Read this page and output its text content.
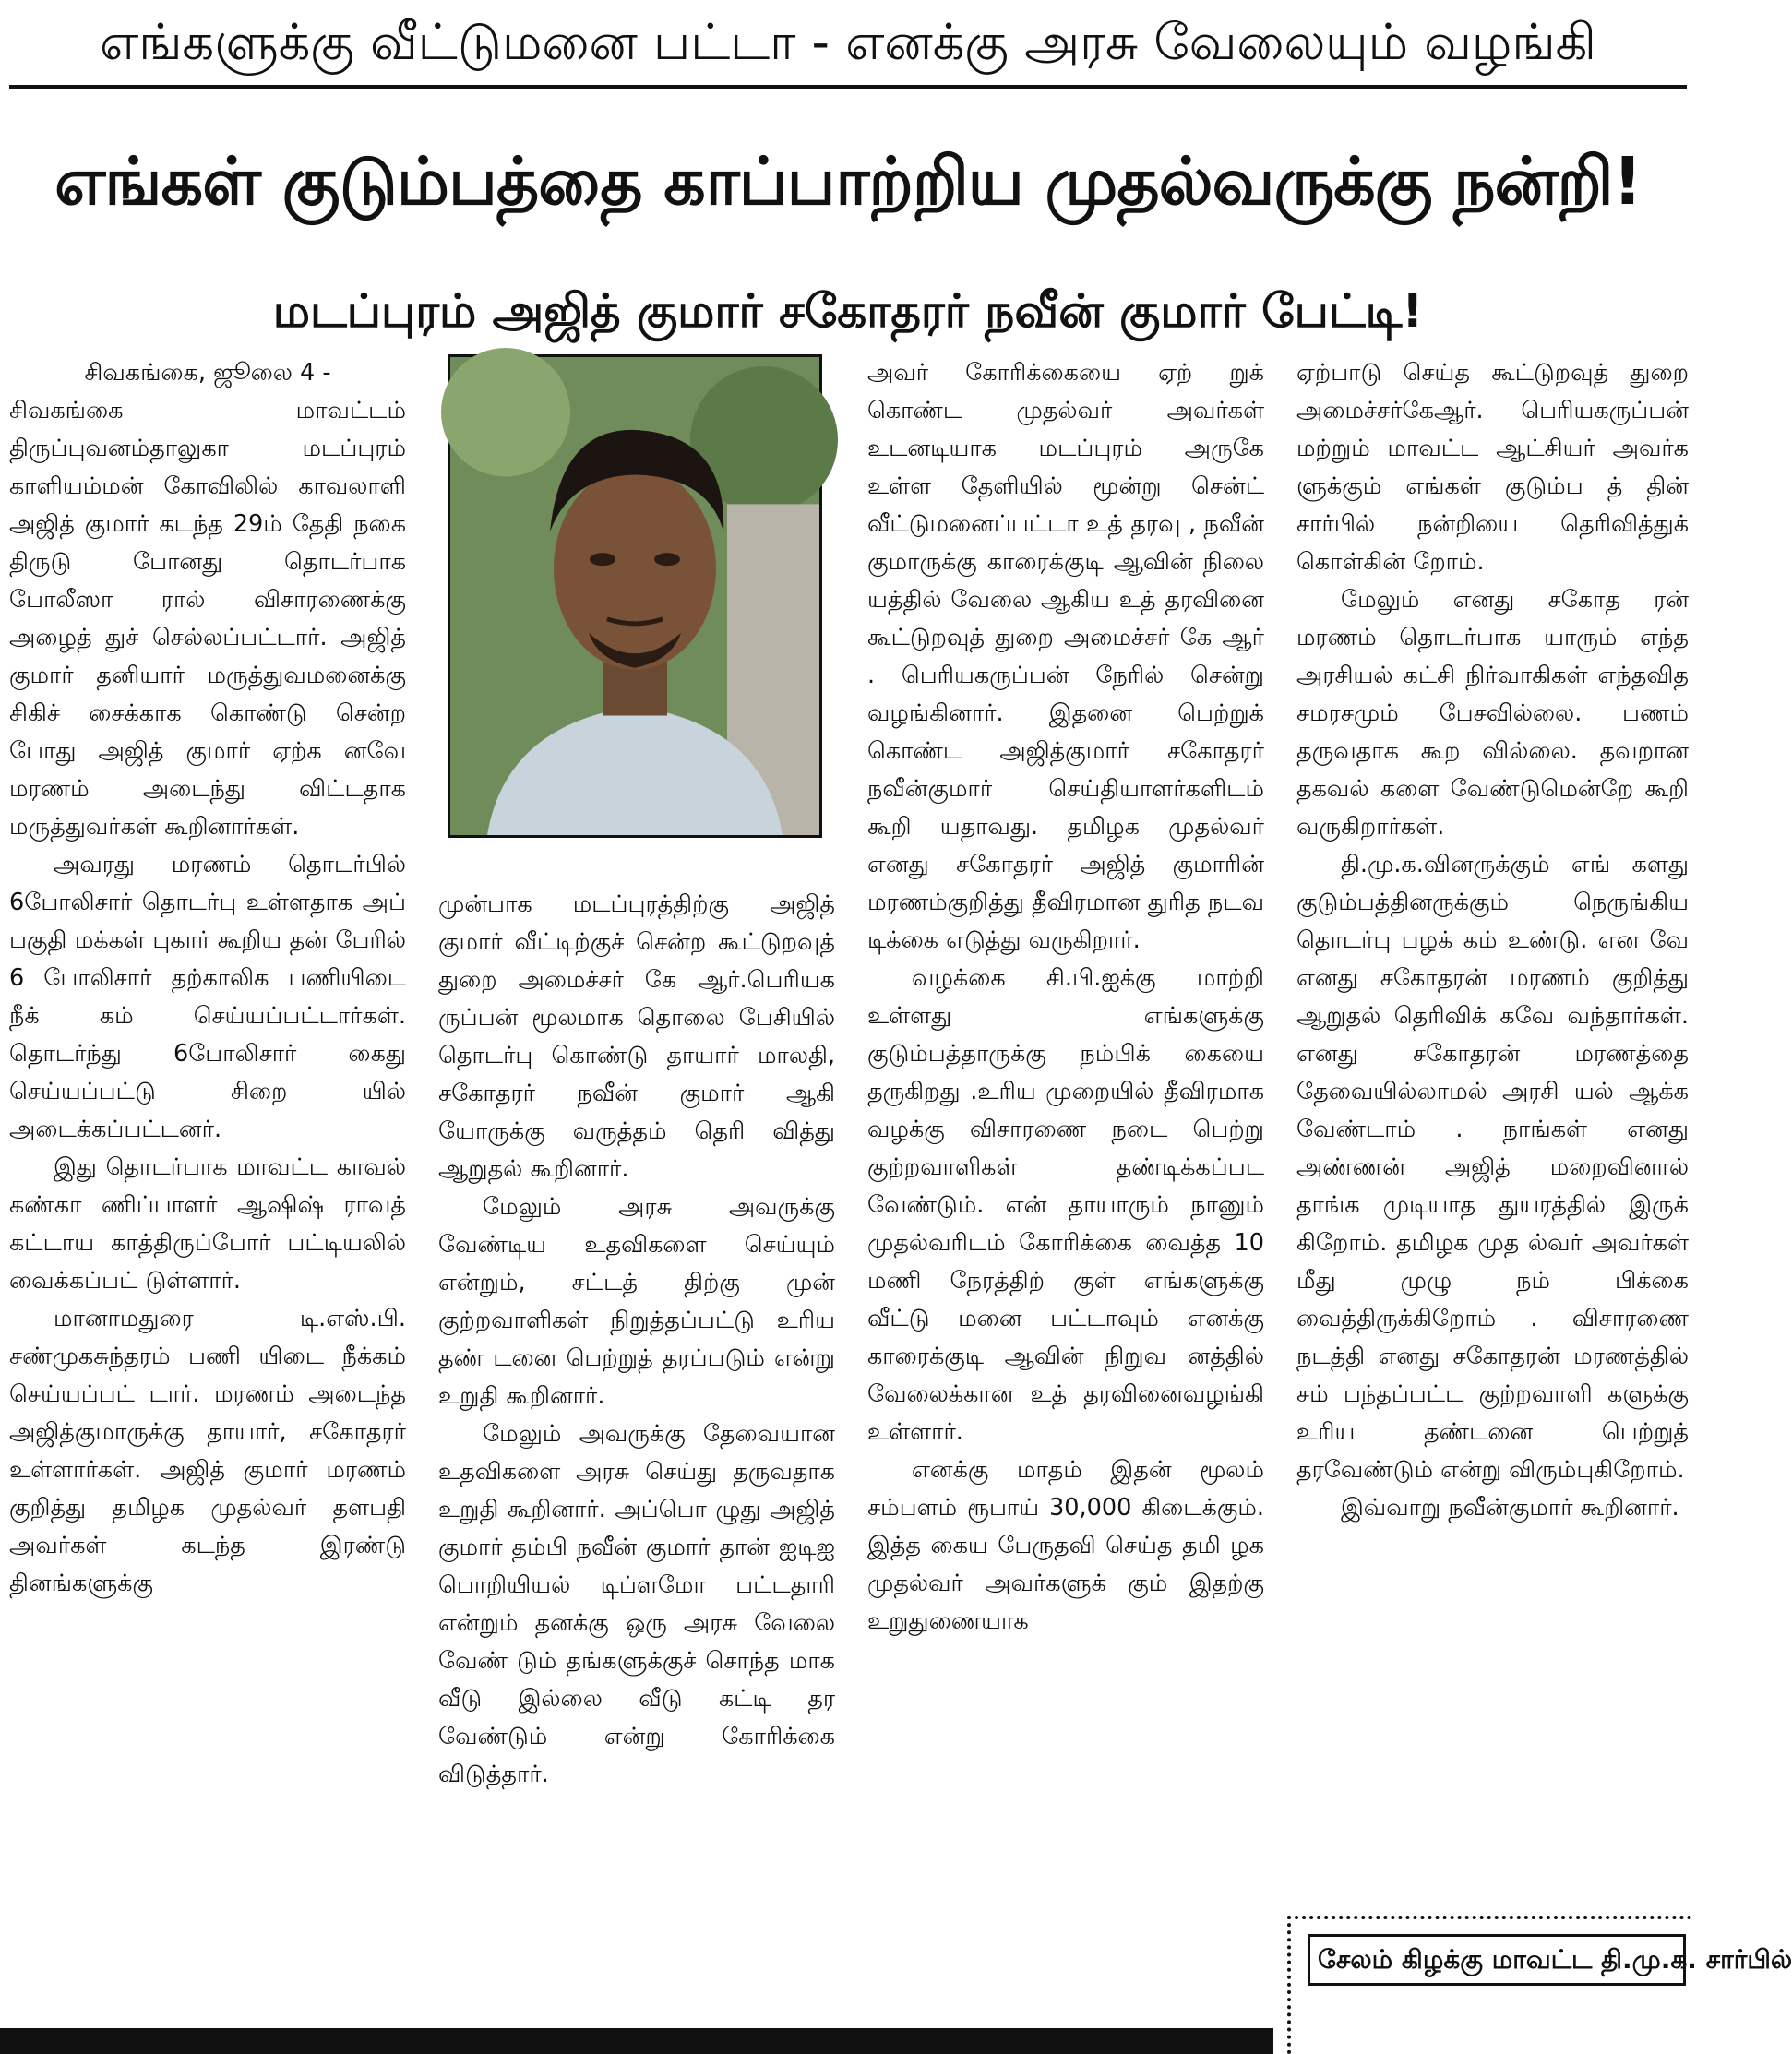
எங்களுக்கு வீட்டுமனை பட்டா - எனக்கு அரசு வேலையும் வழங்கி
எங்கள் குடும்பத்தை காப்பாற்றிய முதல்வருக்கு நன்றி!
மடப்புரம் அஜித் குமார் சகோதரர் நவீன் குமார் பேட்டி!

சிவகங்கை, ஜூலை 4 -

சிவகங்கை மாவட்டம் திருப்புவனம்தாலுகா மடப்புரம் காளியம்மன் கோவிலில் காவலாளி அஜித் குமார் கடந்த 29ம் தேதி நகை திருடு போனது தொடர்பாக போலீஸா ரால் விசாரணைக்கு அழைத் துச் செல்லப்பட்டார். அஜித் குமார் தனியார் மருத்துவமனைக்கு சிகிச் சைக்காக கொண்டு சென்ற போது அஜித் குமார் ஏற்க னவே மரணம் அடைந்து விட்டதாக மருத்துவர்கள் கூறினார்கள்.

அவரது மரணம் தொடர்பில் 6போலிசார் தொடர்பு உள்ளதாக அப் பகுதி மக்கள் புகார் கூறிய தன் பேரில் 6 போலிசார் தற்காலிக பணியிடை நீக் கம் செய்யப்பட்டார்கள். தொடர்ந்து 6போலிசார் கைது செய்யப்பட்டு சிறை யில் அடைக்கப்பட்டனர்.

இது தொடர்பாக மாவட்ட காவல் கண்கா ணிப்பாளர் ஆஷிஷ் ராவத் கட்டாய காத்திருப்போர் பட்டியலில் வைக்கப்பட் டுள்ளார்.

மானாமதுரை டி.எஸ்.பி. சண்முகசுந்தரம் பணி யிடை நீக்கம் செய்யப்பட் டார். மரணம் அடைந்த அஜித்குமாருக்கு தாயார், சகோதரர் உள்ளார்கள். அஜித் குமார் மரணம் குறித்து தமிழக முதல்வர் தளபதி அவர்கள் கடந்த இரண்டு தினங்களுக்கு

முன்பாக மடப்புரத்திற்கு அஜித் குமார் வீட்டிற்குச் சென்ற கூட்டுறவுத் துறை அமைச்சர் கே ஆர்.பெரியக ருப்பன் மூலமாக தொலை பேசியில் தொடர்பு கொண்டு தாயார் மாலதி, சகோதரர் நவீன் குமார் ஆகி யோருக்கு வருத்தம் தெரி வித்து ஆறுதல் கூறினார்.

மேலும் அரசு அவருக்கு வேண்டிய உதவிகளை செய்யும் என்றும், சட்டத் திற்கு முன் குற்றவாளிகள் நிறுத்தப்பட்டு உரிய தண் டனை பெற்றுத் தரப்படும் என்று உறுதி கூறினார்.

மேலும் அவருக்கு தேவையான உதவிகளை அரசு செய்து தருவதாக உறுதி கூறினார். அப்பொ ழுது அஜித் குமார் தம்பி நவீன் குமார் தான் ஐடிஐ பொறியியல் டிப்ளமோ பட்டதாரி என்றும் தனக்கு ஒரு அரசு வேலை வேண் டும் தங்களுக்குச் சொந்த மாக வீடு இல்லை வீடு கட்டி தர வேண்டும் என்று கோரிக்கை விடுத்தார்.

அவர் கோரிக்கையை ஏற் றுக் கொண்ட முதல்வர் அவர்கள் உடனடியாக மடப்புரம் அருகே உள்ள தேளியில் மூன்று சென்ட் வீட்டுமனைப்பட்டா உத் தரவு , நவீன் குமாருக்கு காரைக்குடி ஆவின் நிலை யத்தில் வேலை ஆகிய உத் தரவினை கூட்டுறவுத் துறை அமைச்சர் கே ஆர் . பெரியகருப்பன் நேரில் சென்று வழங்கினார். இதனை பெற்றுக் கொண்ட அஜித்குமார் சகோதரர் நவீன்குமார் செய்தியாளர்களிடம் கூறி யதாவது. தமிழக முதல்வர் எனது சகோதரர் அஜித் குமாரின் மரணம்குறித்து தீவிரமான துரித நடவ டிக்கை எடுத்து வருகிறார்.

வழக்கை சி.பி.ஐக்கு மாற்றி உள்ளது எங்களுக்கு குடும்பத்தாருக்கு நம்பிக் கையை தருகிறது .உரிய முறையில் தீவிரமாக வழக்கு விசாரணை நடை பெற்று குற்றவாளிகள் தண்டிக்கப்பட வேண்டும். என் தாயாரும் நானும் முதல்வரிடம் கோரிக்கை வைத்த 10 மணி நேரத்திற் குள் எங்களுக்கு வீட்டு மனை பட்டாவும் எனக்கு காரைக்குடி ஆவின் நிறுவ னத்தில் வேலைக்கான உத் தரவினைவழங்கி உள்ளார்.

எனக்கு மாதம் இதன் மூலம் சம்பளம் ரூபாய் 30,000 கிடைக்கும். இத்த கைய பேருதவி செய்த தமி ழக முதல்வர் அவர்களுக் கும் இதற்கு உறுதுணையாக

ஏற்பாடு செய்த கூட்டுறவுத் துறை அமைச்சர்கேஆர். பெரியகருப்பன் மற்றும் மாவட்ட ஆட்சியர் அவர்க ளுக்கும் எங்கள் குடும்ப த் தின் சார்பில் நன்றியை தெரிவித்துக் கொள்கின் றோம்.

மேலும் எனது சகோத ரன் மரணம் தொடர்பாக யாரும் எந்த அரசியல் கட்சி நிர்வாகிகள் எந்தவித சமரசமும் பேசவில்லை. பணம் தருவதாக கூற வில்லை. தவறான தகவல் களை வேண்டுமென்றே கூறி வருகிறார்கள்.

தி.மு.க.வினருக்கும் எங் களது குடும்பத்தினருக்கும் நெருங்கிய தொடர்பு பழக் கம் உண்டு. என வே எனது சகோதரன் மரணம் குறித்து ஆறுதல் தெரிவிக் கவே வந்தார்கள். எனது சகோதரன் மரணத்தை தேவையில்லாமல் அரசி யல் ஆக்க வேண்டாம் . நாங்கள் எனது அண்ணன் அஜித் மறைவினால் தாங்க முடியாத துயரத்தில் இருக் கிறோம். தமிழக முத ல்வர் அவர்கள் மீது முழு நம் பிக்கை வைத்திருக்கிறோம் . விசாரணை நடத்தி எனது சகோதரன் மரணத்தில் சம் பந்தப்பட்ட குற்றவாளி களுக்கு உரிய தண்டனை பெற்றுத் தரவேண்டும் என்று விரும்புகிறோம்.

இவ்வாறு நவீன்குமார் கூறினார்.

சேலம் கிழக்கு மாவட்ட தி.மு.க. சார்பில்
